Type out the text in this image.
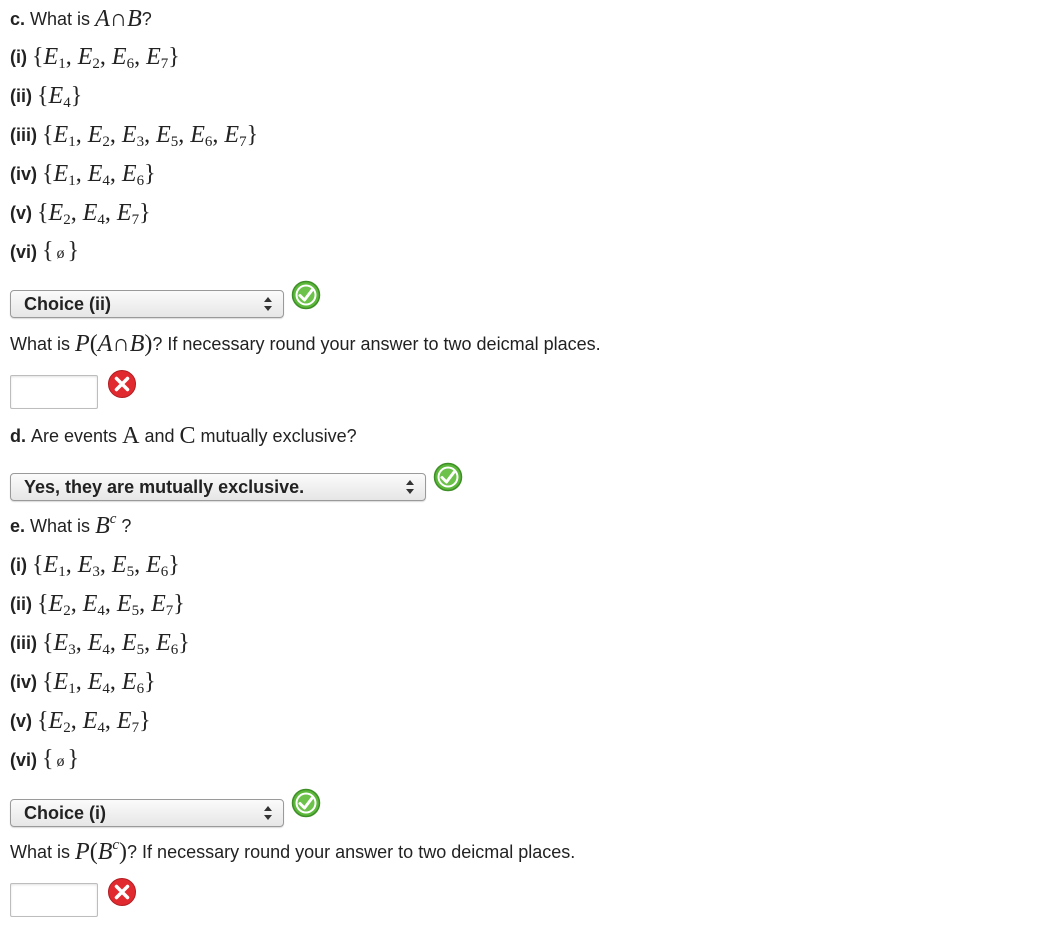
c.
What is
A∩B ?
(i)
{$E_1$, $E_2$, $E_6$, $E_7$}
(ii)
$\{E_4\}$
(iii)
{$E_1$, $E_2$, $E_3$, $E_5$, $E_6$, $E_7$}
(iv)
{$E_1$, $E_4$, $E_6$}
(v)
{$E_2$, $E_4$, $E_7$}
(vi)
{ ø }
Choice (ii)
What is
P(A∩B) ? If necessary round your answer to two deicmal places.
d.
Are events
A
and
C
mutually exclusive?
Yes, they are mutually exclusive.
e.
What is
$B^c$
?
(i)
{$E_1$, $E_3$, $E_5$, $E_6$}
(ii)
{$E_2$, $E_4$, $E_5$, $E_7$}
(iii)
{$E_3$, $E_4$, $E_5$, $E_6$}
(iv)
{$E_1$, $E_4$, $E_6$}
(v)
{$E_2$, $E_4$, $E_7$}
(vi)
{ ø }
Choice (i)
What is
$P(B^c)$ ? If necessary round your answer to two deicmal places.
